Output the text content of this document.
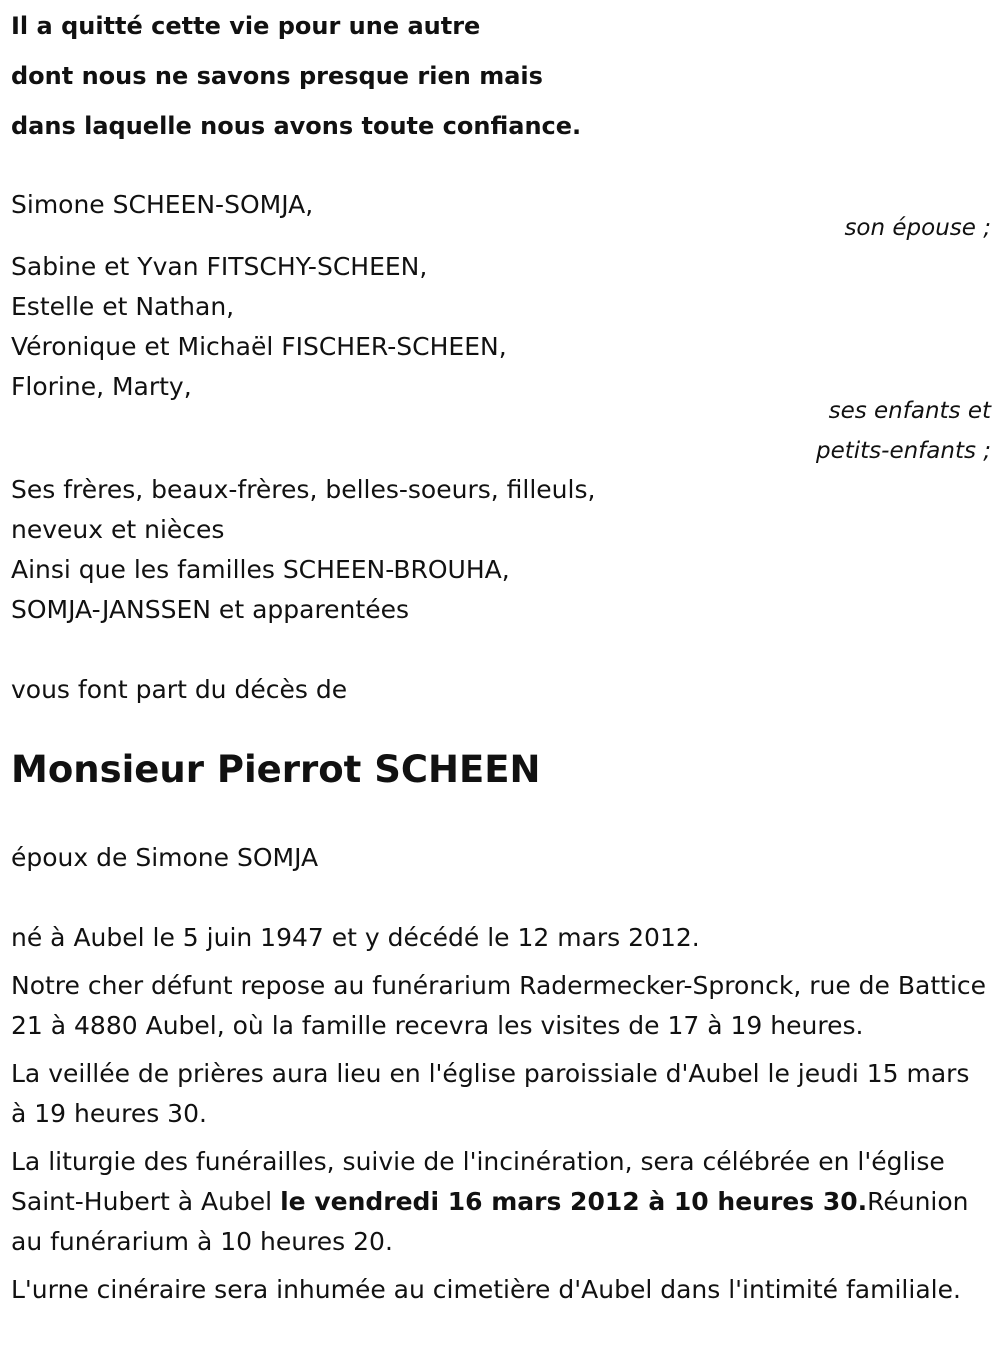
Il a quitté cette vie pour une autre
dont nous ne savons presque rien mais
dans laquelle nous avons toute confiance.
Simone SCHEEN-SOMJA,
son épouse ;
Sabine et Yvan FITSCHY-SCHEEN,
Estelle et Nathan,
Véronique et Michaël FISCHER-SCHEEN,
Florine, Marty,
ses enfants et
petits-enfants ;
Ses frères, beaux-frères, belles-soeurs, filleuls,
neveux et nièces
Ainsi que les familles SCHEEN-BROUHA,
SOMJA-JANSSEN et apparentées
vous font part du décès de
Monsieur Pierrot SCHEEN
époux de Simone SOMJA

né à Aubel le 5 juin 1947 et y décédé le 12 mars 2012.

Notre cher défunt repose au funérarium Radermecker-Spronck, rue de Battice 21 à 4880 Aubel, où la famille recevra les visites de 17 à 19 heures.

La veillée de prières aura lieu en l'église paroissiale d'Aubel le jeudi 15 mars à 19 heures 30.

La liturgie des funérailles, suivie de l'incinération, sera célébrée en l'église Saint-Hubert à Aubel le vendredi 16 mars 2012 à 10 heures 30.Réunion au funérarium à 10 heures 20.

L'urne cinéraire sera inhumée au cimetière d'Aubel dans l'intimité familiale.
